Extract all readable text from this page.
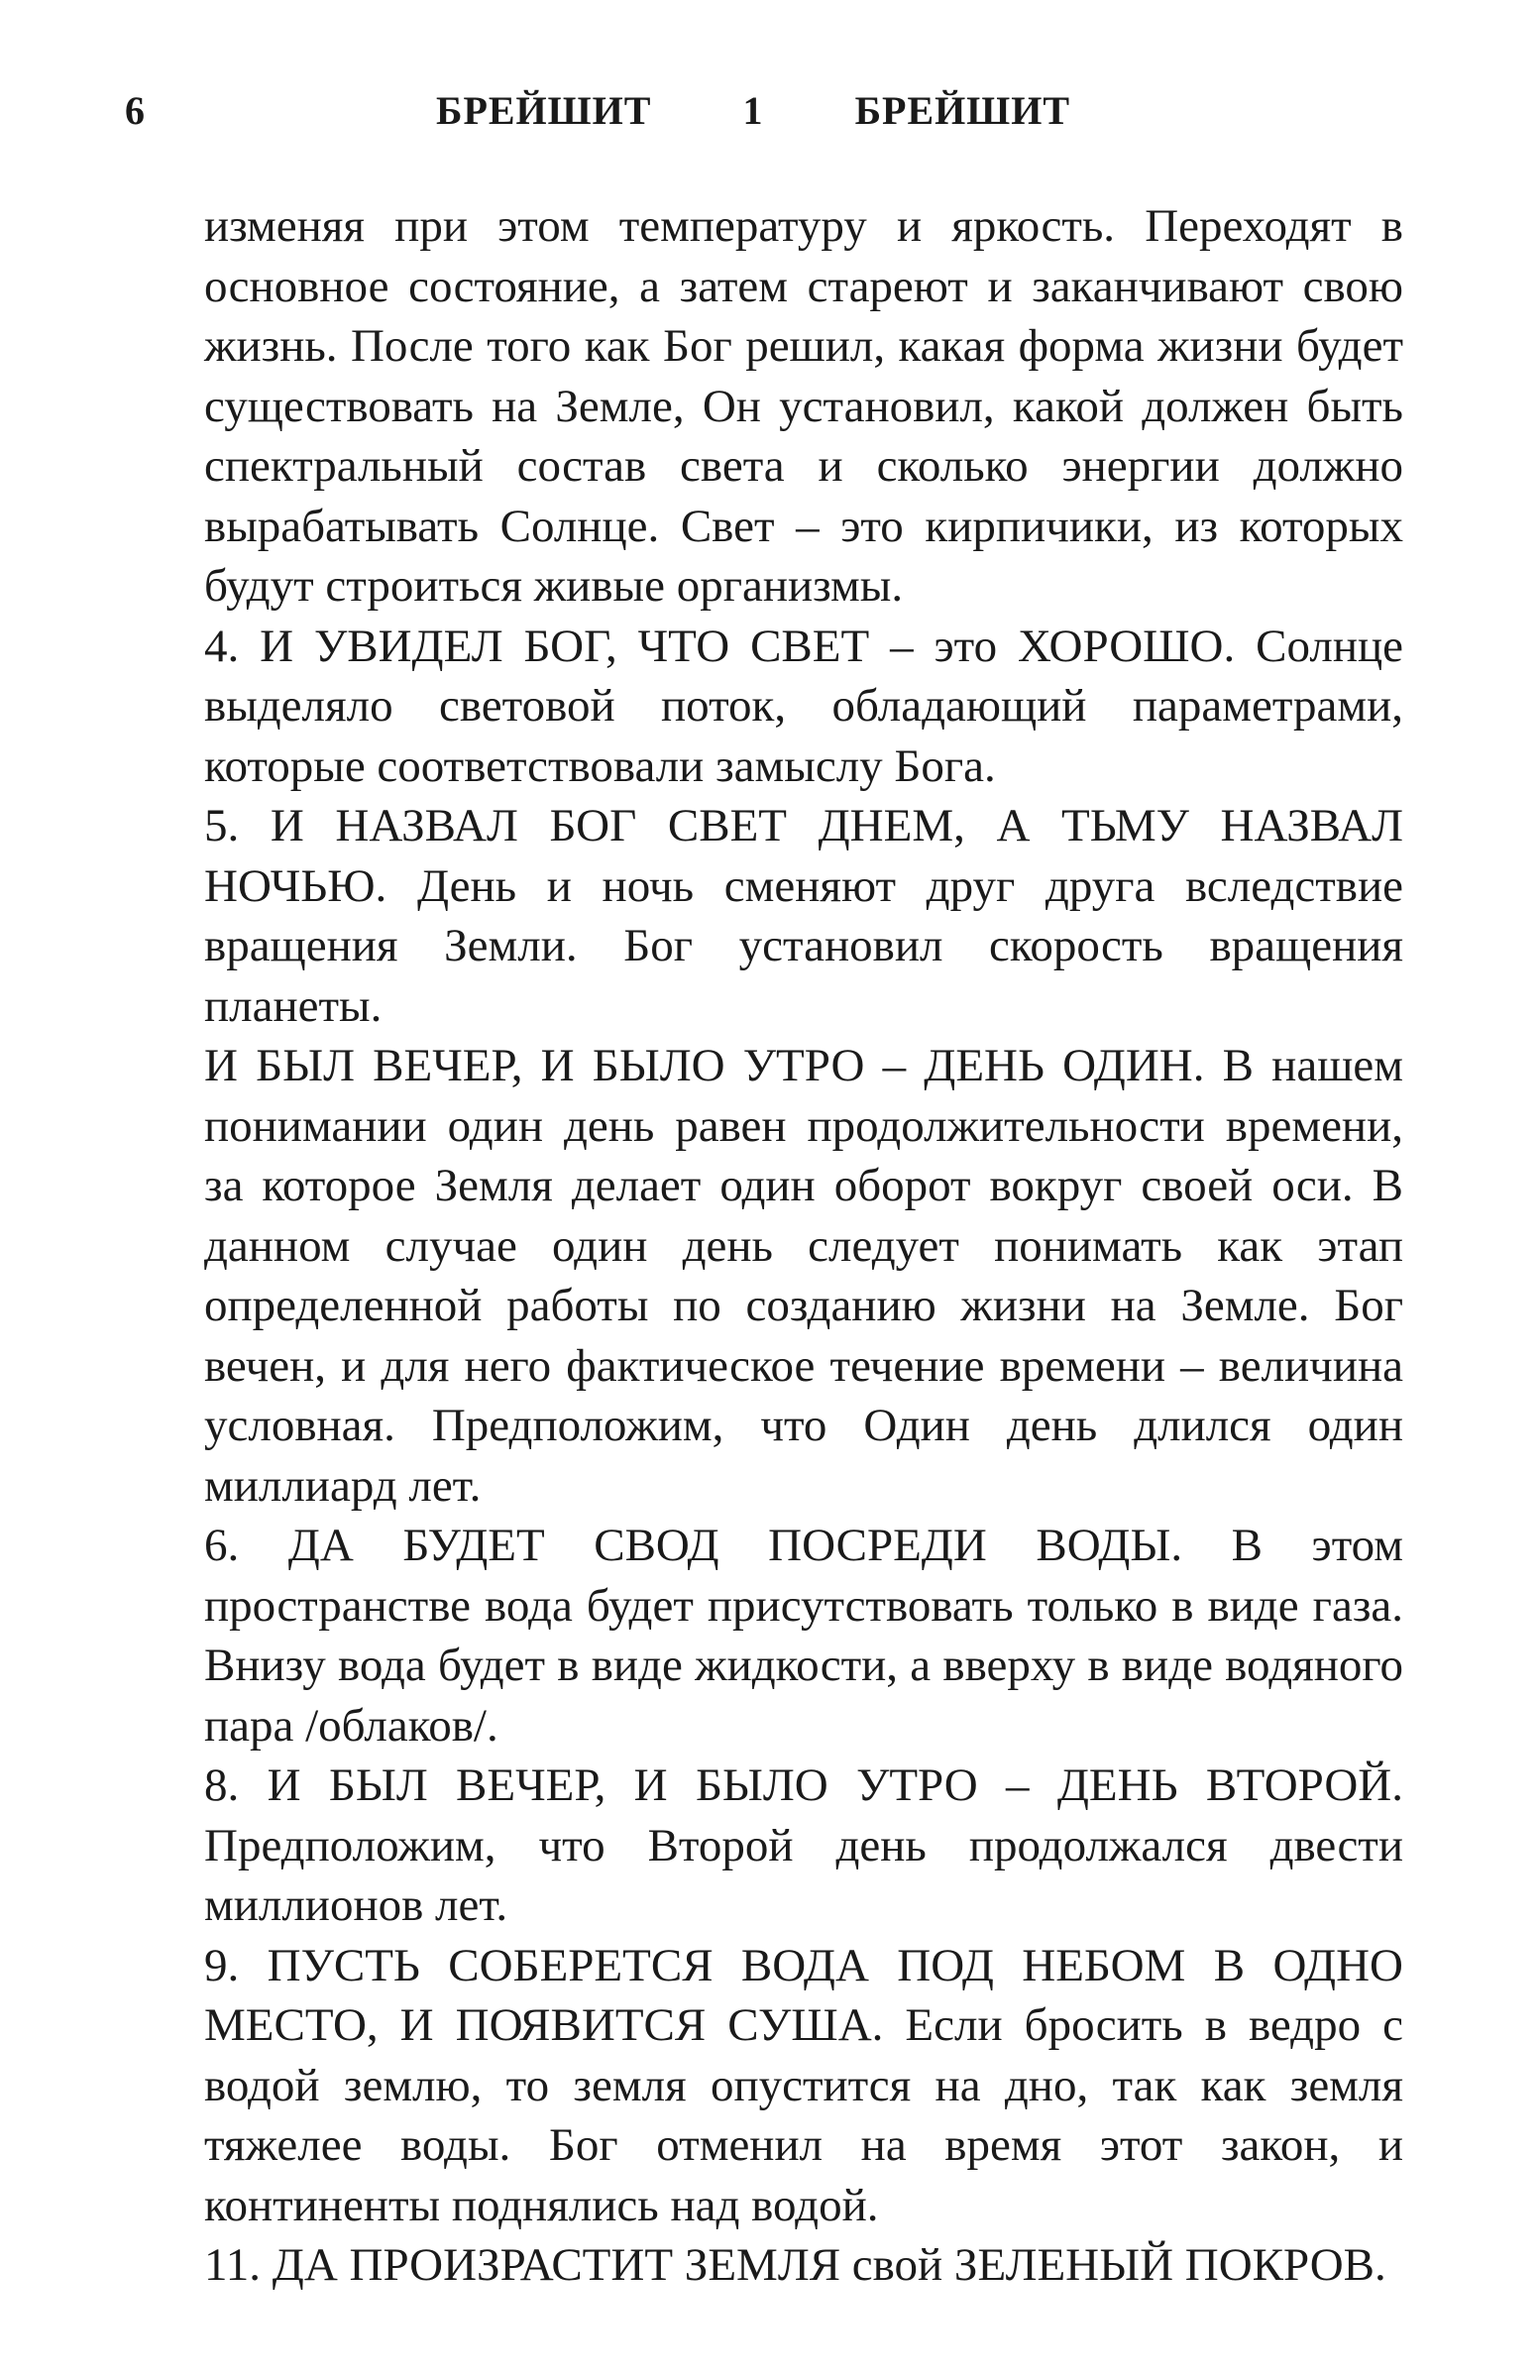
6	БРЕЙШИТ 1 БРЕЙШИТ

изменяя при этом температуру и яркость. Переходят в основное состояние, а затем стареют и заканчивают свою жизнь. После того как Бог решил, какая форма жизни будет существовать на Земле, Он установил, какой должен быть спектральный состав света и сколько энергии должно вырабатывать Солнце. Свет – это кирпичики, из которых будут строиться живые организмы.

4. И УВИДЕЛ БОГ, ЧТО СВЕТ – это ХОРОШО. Солнце выделяло световой поток, обладающий параметрами, которые соответствовали замыслу Бога.

5. И НАЗВАЛ БОГ СВЕТ ДНЕМ, А ТЬМУ НАЗВАЛ НОЧЬЮ. День и ночь сменяют друг друга вследствие вращения Земли. Бог установил скорость вращения планеты.

И БЫЛ ВЕЧЕР, И БЫЛО УТРО – ДЕНЬ ОДИН. В нашем понимании один день равен продолжительности времени, за которое Земля делает один оборот вокруг своей оси. В данном случае один день следует понимать как этап определенной работы по созданию жизни на Земле. Бог вечен, и для него фактическое течение времени – величина условная. Предположим, что Один день длился один миллиард лет.

6. ДА БУДЕТ СВОД ПОСРЕДИ ВОДЫ. В этом пространстве вода будет присутствовать только в виде газа. Внизу вода будет в виде жидкости, а вверху в виде водяного пара /облаков/.

8. И БЫЛ ВЕЧЕР, И БЫЛО УТРО – ДЕНЬ ВТОРОЙ. Предположим, что Второй день продолжался двести миллионов лет.

9. ПУСТЬ СОБЕРЕТСЯ ВОДА ПОД НЕБОМ В ОДНО МЕСТО, И ПОЯВИТСЯ СУША. Если бросить в ведро с водой землю, то земля опустится на дно, так как земля тяжелее воды. Бог отменил на время этот закон, и континенты поднялись над водой.

11. ДА ПРОИЗРАСТИТ ЗЕМЛЯ свой ЗЕЛЕНЫЙ ПОКРОВ.
